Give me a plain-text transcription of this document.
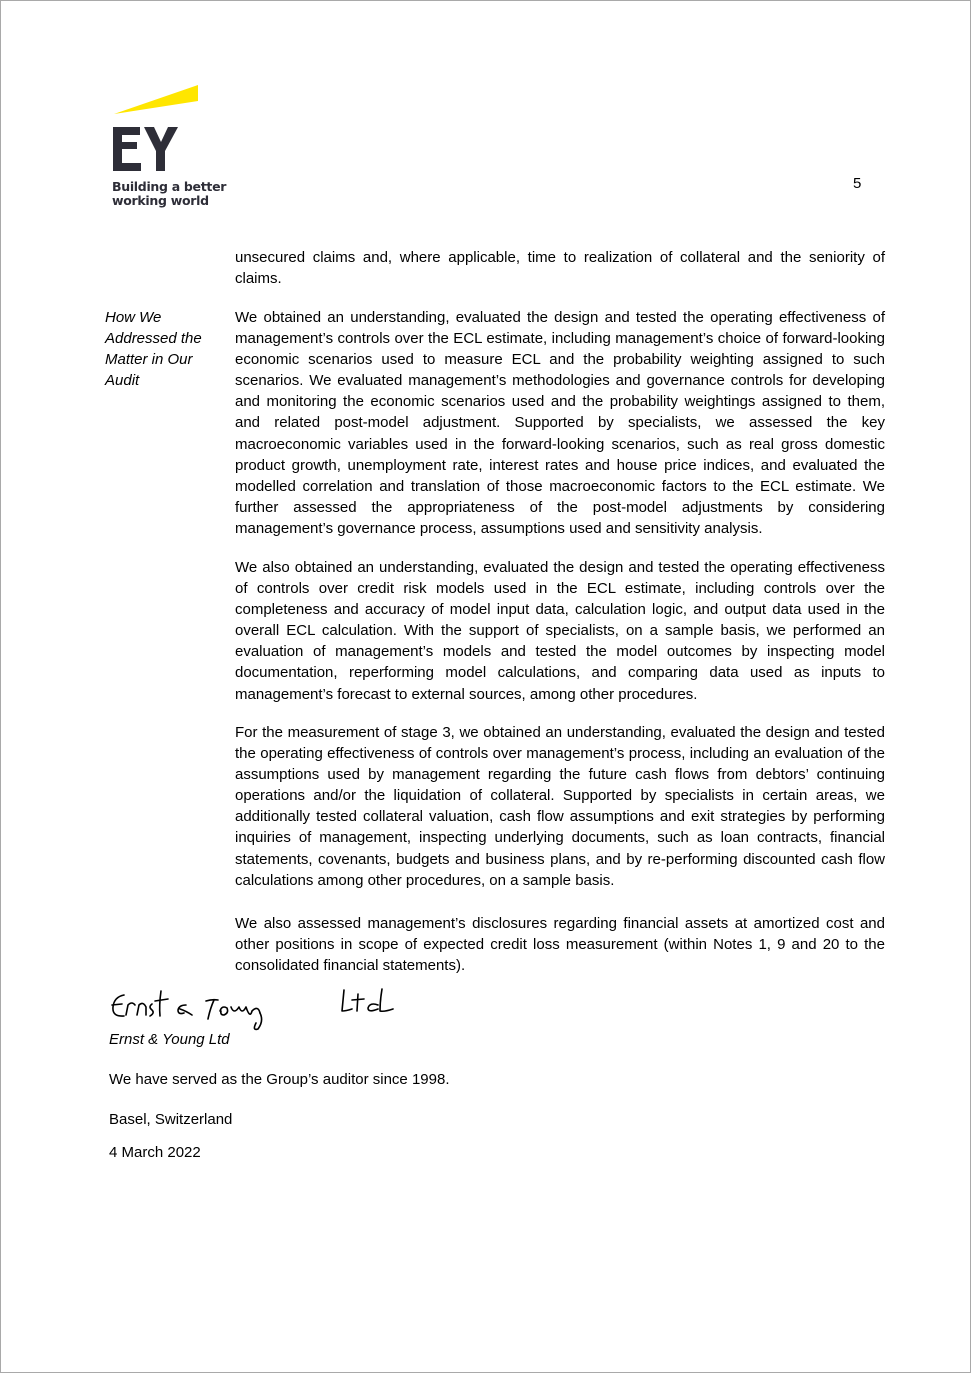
Building a better
working world
5
How We Addressed the Matter in Our Audit

unsecured claims and, where applicable, time to realization of collateral and the seniority of claims.

We obtained an understanding, evaluated the design and tested the operating effectiveness of management’s controls over the ECL estimate, including management’s choice of forward-looking economic scenarios used to measure ECL and the probability weighting assigned to such scenarios. We evaluated management’s methodologies and governance controls for developing and monitoring the economic scenarios used and the probability weightings assigned to them, and related post-model adjustment. Supported by specialists, we assessed the key macroeconomic variables used in the forward-looking scenarios, such as real gross domestic product growth, unemployment rate, interest rates and house price indices, and evaluated the modelled correlation and translation of those macroeconomic factors to the ECL estimate. We further assessed the appropriateness of the post-model adjustments by considering management’s governance process, assumptions used and sensitivity analysis.

We also obtained an understanding, evaluated the design and tested the operating effectiveness of controls over credit risk models used in the ECL estimate, including controls over the completeness and accuracy of model input data, calculation logic, and output data used in the overall ECL calculation. With the support of specialists, on a sample basis, we performed an evaluation of management’s models and tested the model outcomes by inspecting model documentation, reperforming model calculations, and comparing data used as inputs to management’s forecast to external sources, among other procedures.

For the measurement of stage 3, we obtained an understanding, evaluated the design and tested the operating effectiveness of controls over management’s process, including an evaluation of the assumptions used by management regarding the future cash flows from debtors’ continuing operations and/or the liquidation of collateral. Supported by specialists in certain areas, we additionally tested collateral valuation, cash flow assumptions and exit strategies by performing inquiries of management, inspecting underlying documents, such as loan contracts, financial statements, covenants, budgets and business plans, and by re-performing discounted cash flow calculations among other procedures, on a sample basis.

We also assessed management’s disclosures regarding financial assets at amortized cost and other positions in scope of expected credit loss measurement (within Notes 1, 9 and 20 to the consolidated financial statements).

Ernst & Young Ltd
We have served as the Group’s auditor since 1998.
Basel, Switzerland
4 March 2022
